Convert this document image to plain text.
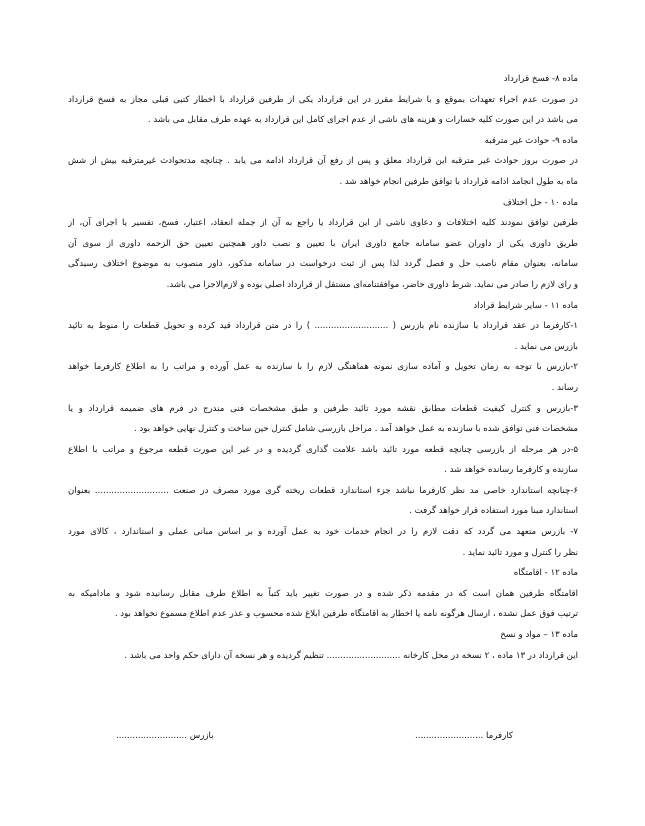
ماده ۸- فسخ قرارداد
در صورت عدم اجراء تعهدات بموقع و با شرایط مقرر در این قرارداد یکی از طرفین قرارداد با اخطار کتبی قبلی مجاز به فسخ قرارداد
می باشد در این صورت کلیه خسارات و هزینه های ناشی از عدم اجرای کامل این قرارداد به عهده طرف مقابل می باشد .
ماده ۹- حوادث غیر مترقبه
در صورت بروز حوادث غیر مترقبه این قرارداد معلق و پس از رفع آن قرارداد ادامه می یابد . چنانچه مدتحوادث غیرمترقبه بیش از شش
ماه به طول انجامد ادامه قرارداد با توافق طرفین انجام خواهد شد .
ماده ۱۰ - حل اختلاف
طرفین توافق نمودند کلیه اختلافات و دعاوی ناشی از این قرارداد یا راجع به آن از جمله انعقاد، اعتبار، فسخ، تفسیر یا اجرای آن، از
طریق داوری یکی از داوران عضو سامانه جامع داوری ایران با تعیین و نصب داور همچنین تعیین حق الزحمه داوری از سوی آن
سامانه، بعنوان مقام ناصب حل و فصل گردد لذا پس از ثبت درخواست در سامانه مذکور، داور منصوب به موضوع اختلاف رسیدگی
و رای لازم را صادر می نماید. شرط داوری حاضر، موافقتنامه‌ای مستقل از قرارداد اصلی بوده و لازم‌الاجرا می باشد.
ماده ۱۱ - سایر شرایط قراداد
۱-کارفرما در عقد قرارداد با سازنده نام بازرس ( ........................... ) را در متن قرارداد قید کرده و تحویل قطعات را منوط به تائید
بازرس می نماید .
۲-بازرس با توجه به زمان تحویل و آماده سازی نمونه هماهنگی لازم را با سازنده به عمل آورده و مراتب را به اطلاع کارفرما خواهد
رساند .
۳-بازرس و کنترل کیفیت قطعات مطابق نقشه مورد تائید طرفین و طبق مشخصات فنی مندرج در فرم های ضمیمه قرارداد و یا
مشخصات فنی توافق شده با سازنده به عمل خواهد آمد . مراحل بازرسی شامل کنترل حین ساخت و کنترل نهایی خواهد بود .
۵-در هر مرحله از بازرسی چنانچه قطعه مورد تائید باشد علامت گذاری گردیده و در غیر این صورت قطعه مرجوع و مراتب با اطلاع
سازنده و کارفرما رسانده خواهد شد .
۶-چنانچه استاندارد خاصی مد نظر کارفرما نباشد جزء استاندارد قطعات ریخته گری مورد مصرف در صنعت ........................... بعنوان
استاندارد مبنا مورد استفاده قرار خواهد گرفت .
۷- بازرس متعهد می گردد که دقت لازم را در انجام خدمات خود به عمل آورده و بر اساس مبانی عملی و استاندارد ، کالای مورد
نظر را کنترل و مورد تائید نماید .
ماده ۱۲ - اقامتگاه
اقامتگاه طرفین همان است که در مقدمه ذکر شده و در صورت تغییر باید کتباً به اطلاع طرف مقابل رسانیده شود و مادامیکه به
ترتیب فوق عمل نشده ، ارسال هرگونه نامه یا اخطار به اقامتگاه طرفین ابلاغ شده محسوب و عذر عدم اطلاع مسموع نخواهد بود .
ماده ۱۳ – مواد و نسخ
این قرارداد در ۱۳ ماده ، ۲ نسخه در محل کارخانه ........................... تنظیم گردیده و هر نسخه آن دارای حکم واحد می باشد .
کارفرما .........................
بازرس ..........................
